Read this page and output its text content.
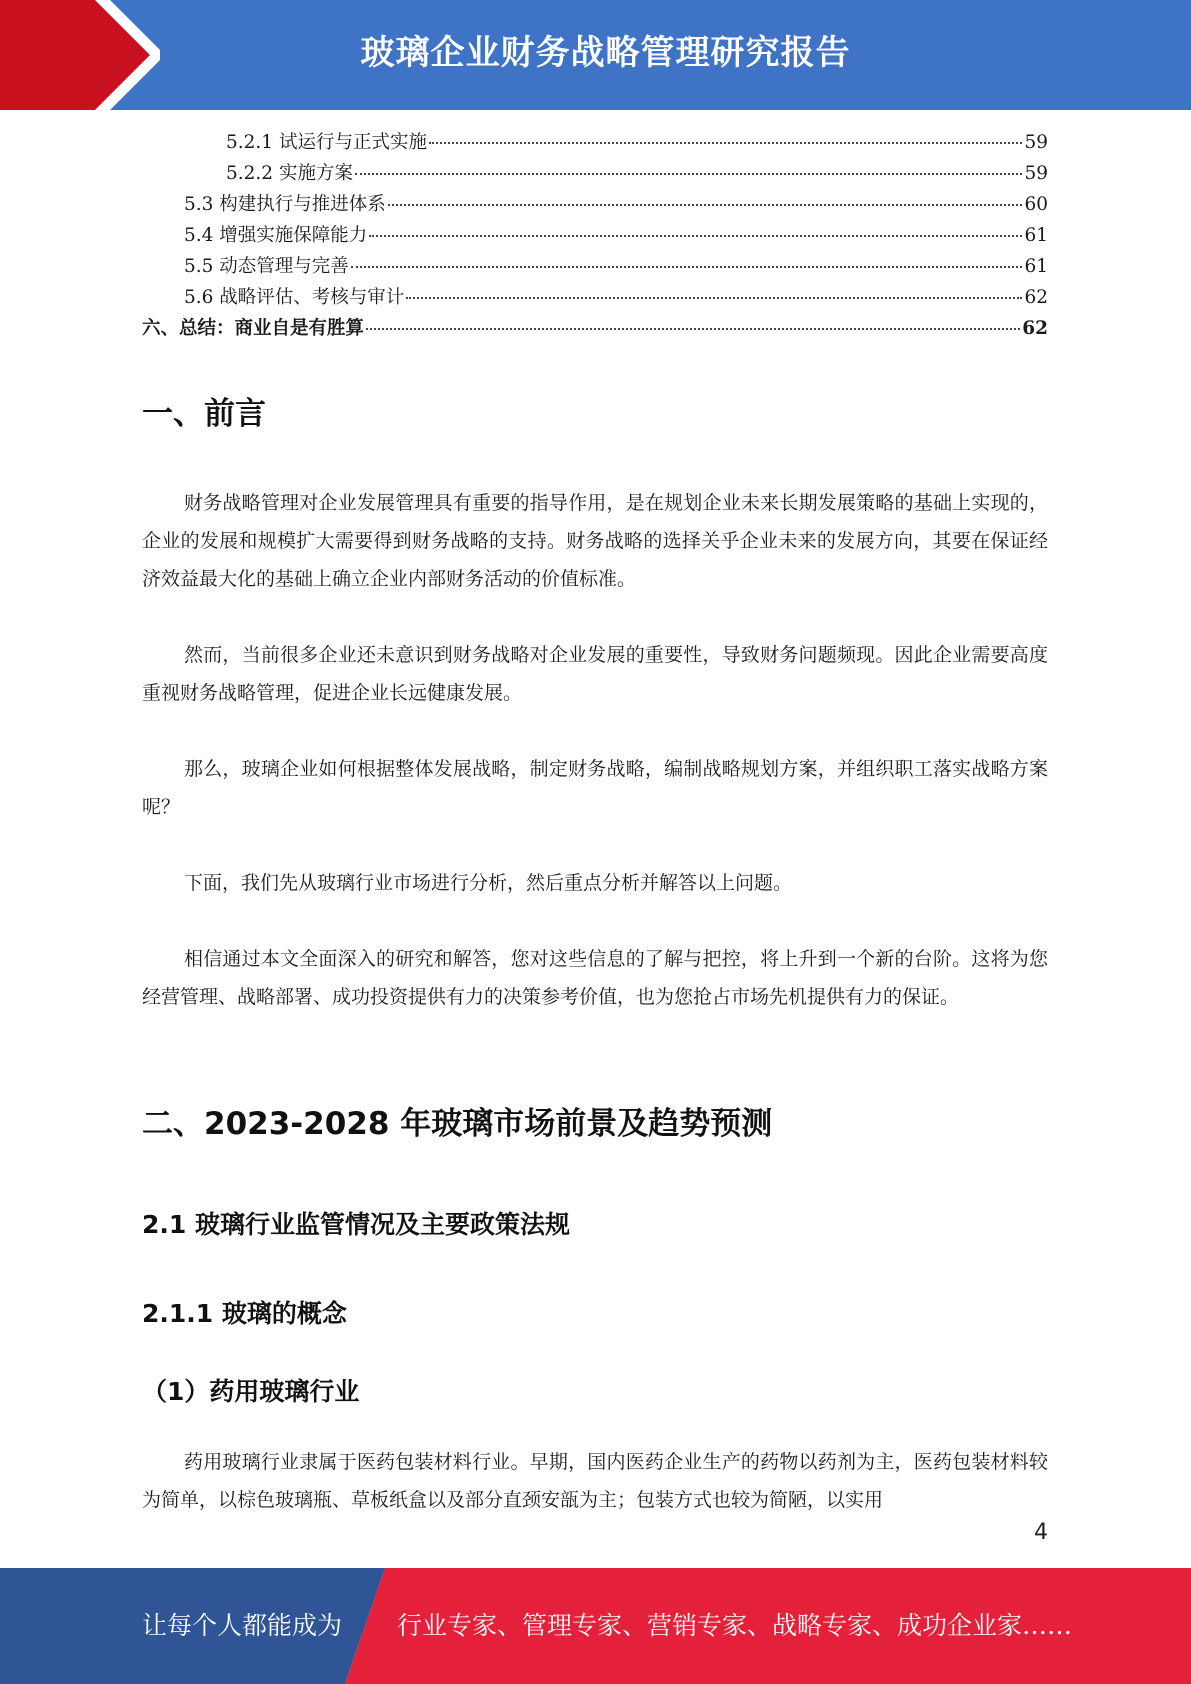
玻璃企业财务战略管理研究报告
5.2.1 试运行与正式实施	59
5.2.2 实施方案	59
5.3 构建执行与推进体系	60
5.4 增强实施保障能力	61
5.5 动态管理与完善	61
5.6 战略评估、考核与审计	62
六、总结：商业自是有胜算	62
一、前言

财务战略管理对企业发展管理具有重要的指导作用，是在规划企业未来长期发展策略的基础上实现的，企业的发展和规模扩大需要得到财务战略的支持。财务战略的选择关乎企业未来的发展方向，其要在保证经济效益最大化的基础上确立企业内部财务活动的价值标准。

然而，当前很多企业还未意识到财务战略对企业发展的重要性，导致财务问题频现。因此企业需要高度重视财务战略管理，促进企业长远健康发展。

那么，玻璃企业如何根据整体发展战略，制定财务战略，编制战略规划方案，并组织职工落实战略方案呢？

下面，我们先从玻璃行业市场进行分析，然后重点分析并解答以上问题。

相信通过本文全面深入的研究和解答，您对这些信息的了解与把控，将上升到一个新的台阶。这将为您经营管理、战略部署、成功投资提供有力的决策参考价值，也为您抢占市场先机提供有力的保证。

二、2023-2028 年玻璃市场前景及趋势预测
2.1 玻璃行业监管情况及主要政策法规
2.1.1 玻璃的概念
（1）药用玻璃行业

药用玻璃行业隶属于医药包装材料行业。早期，国内医药企业生产的药物以药剂为主，医药包装材料较为简单，以棕色玻璃瓶、草板纸盒以及部分直颈安瓿为主；包装方式也较为简陋，以实用

4
让每个人都能成为 行业专家、管理专家、营销专家、战略专家、成功企业家……
